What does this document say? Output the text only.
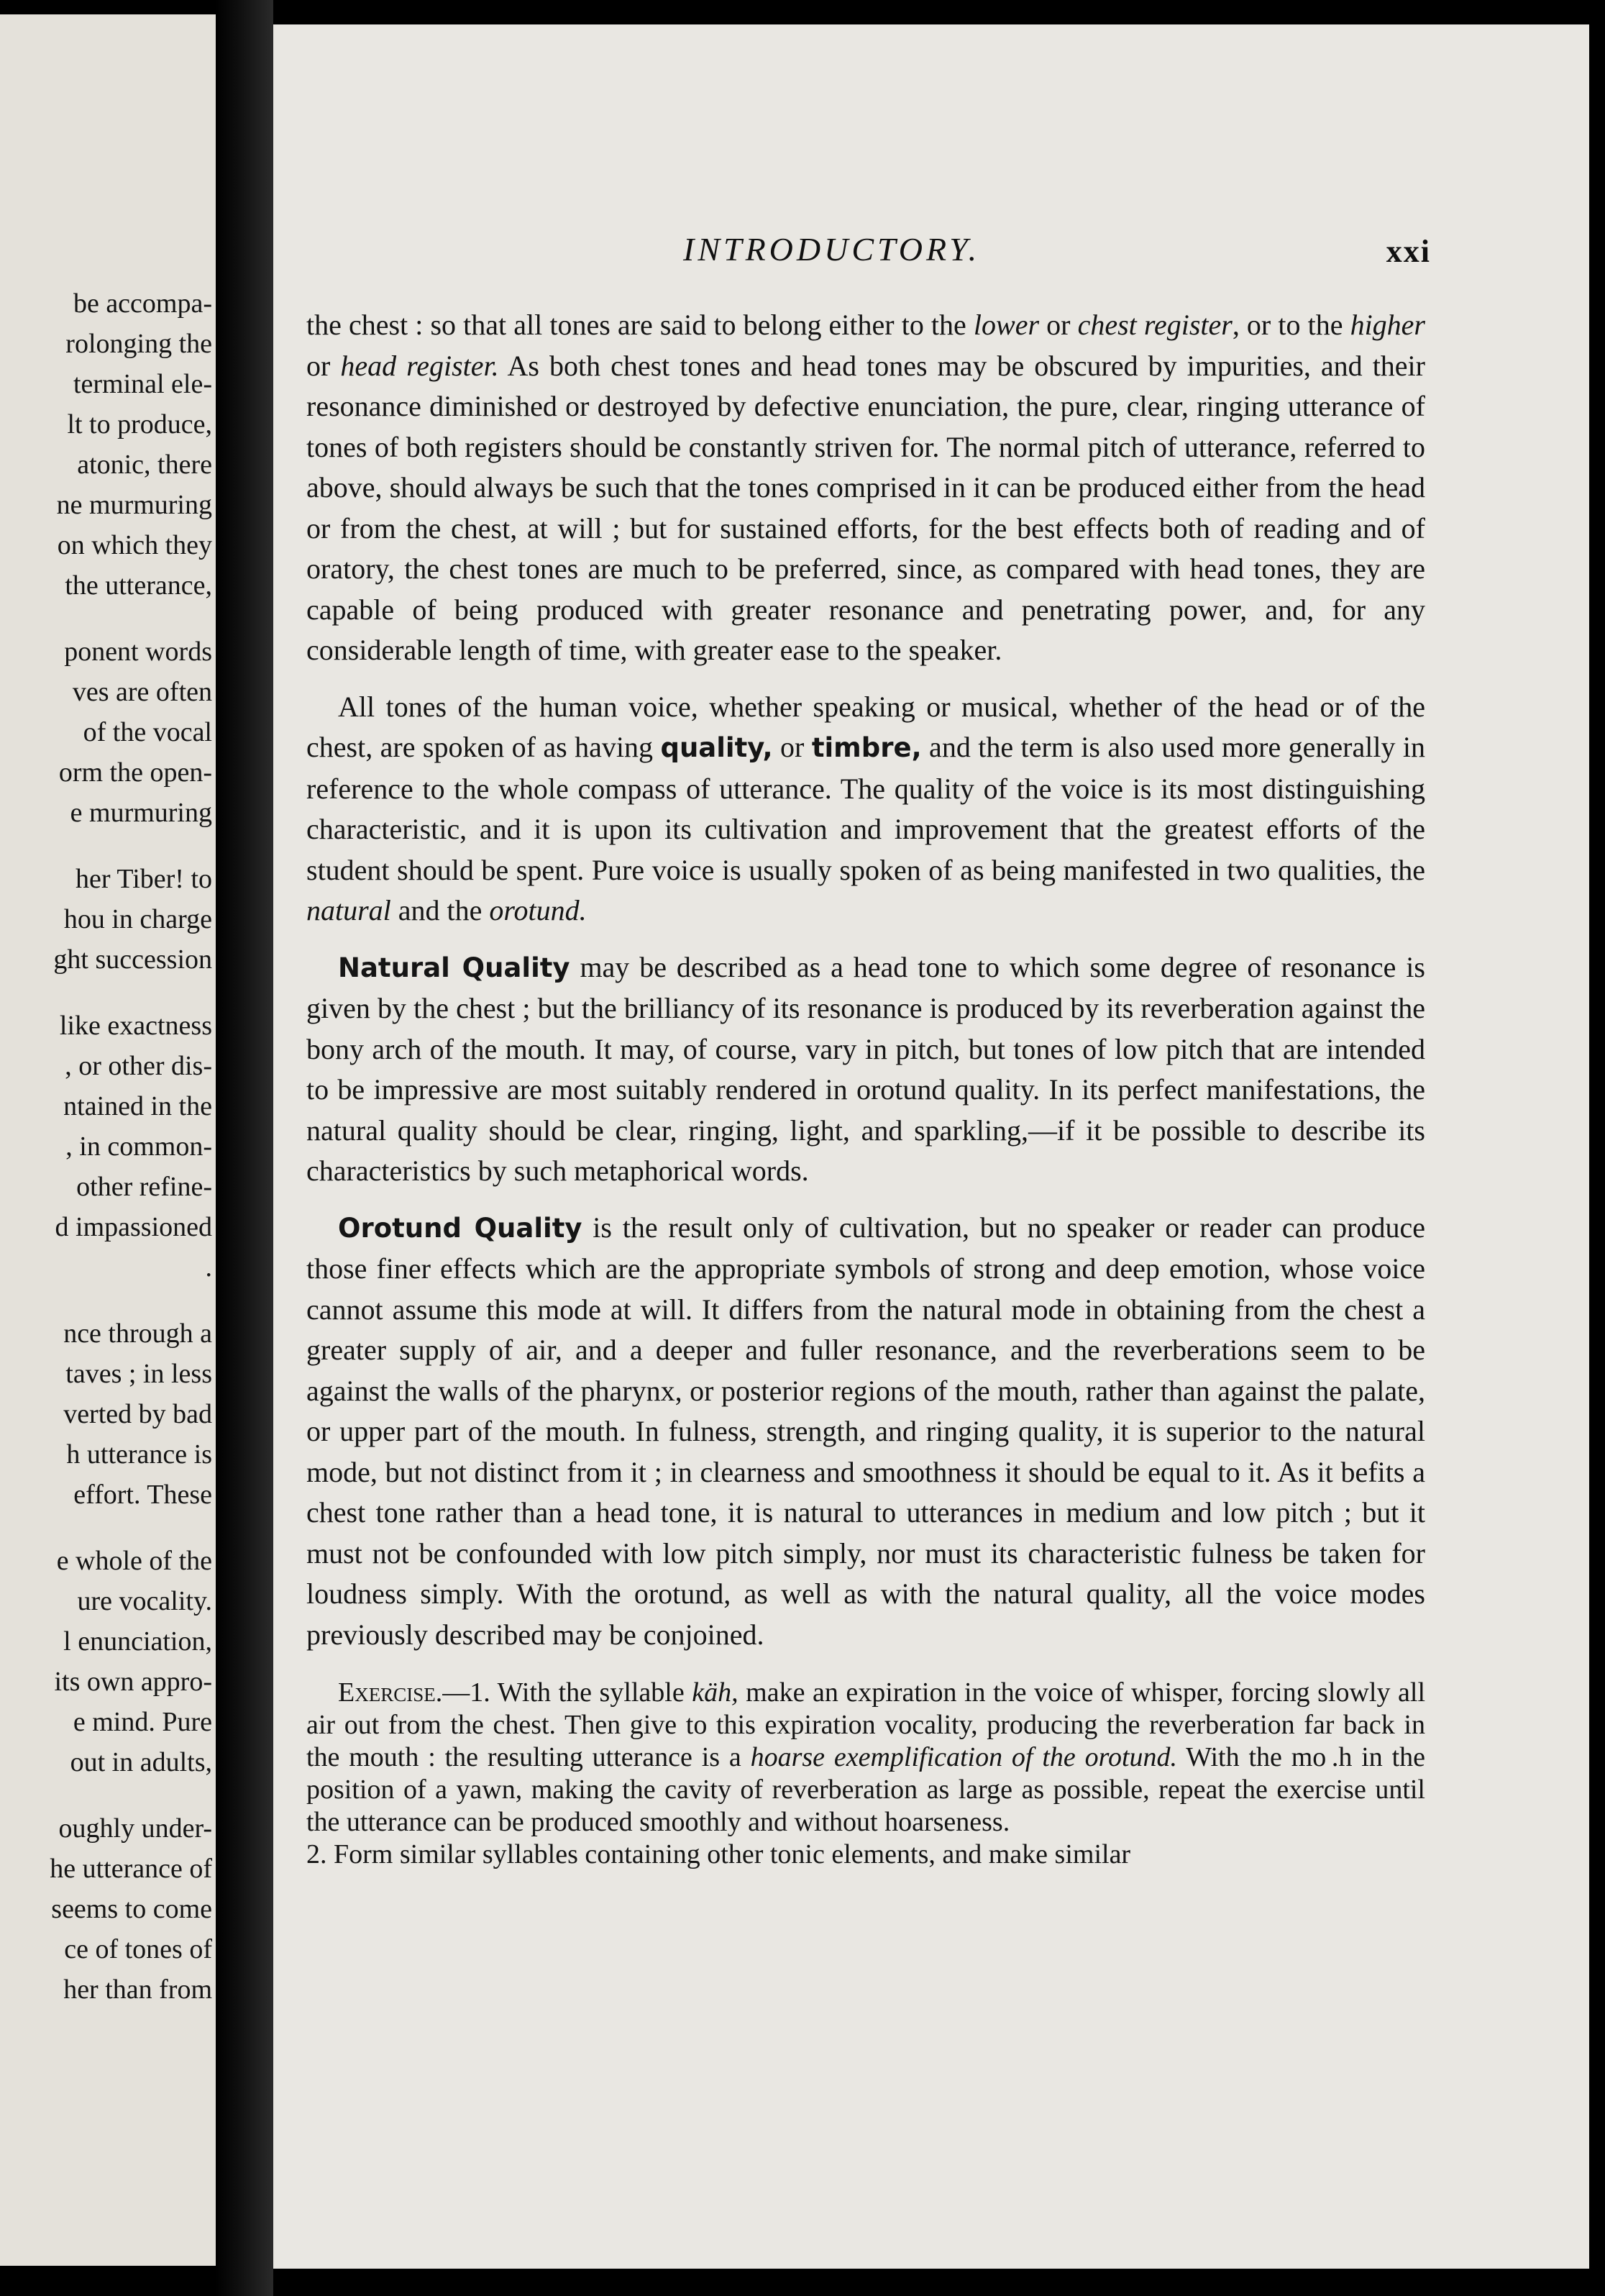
be accompa-
rolonging the
terminal ele-
lt to produce,
atonic, there
ne murmuring
on which they
the utterance,
ponent words
ves are often
of the vocal
orm the open-
e murmuring
her Tiber! to
hou in charge
ght succession
like exactness
, or other dis-
ntained in the
, in common-
other refine-
d impassioned
.
nce through a
taves ; in less
verted by bad
h utterance is
effort. These
e whole of the
ure vocality.
l enunciation,
its own appro-
e mind. Pure
out in adults,
oughly under-
he utterance of
seems to come
ce of tones of
her than from
INTRODUCTORY.	xxi

the chest : so that all tones are said to belong either to the lower or chest register, or to the higher or head register. As both chest tones and head tones may be obscured by impurities, and their resonance diminished or destroyed by defective enunciation, the pure, clear, ringing utterance of tones of both registers should be constantly striven for. The normal pitch of utterance, referred to above, should always be such that the tones comprised in it can be produced either from the head or from the chest, at will ; but for sustained efforts, for the best effects both of reading and of oratory, the chest tones are much to be preferred, since, as compared with head tones, they are capable of being produced with greater resonance and penetrating power, and, for any considerable length of time, with greater ease to the speaker.

All tones of the human voice, whether speaking or musical, whether of the head or of the chest, are spoken of as having quality, or timbre, and the term is also used more generally in reference to the whole compass of utterance. The quality of the voice is its most distinguishing characteristic, and it is upon its cultivation and improvement that the greatest efforts of the student should be spent. Pure voice is usually spoken of as being manifested in two qualities, the natural and the orotund.

Natural Quality may be described as a head tone to which some degree of resonance is given by the chest ; but the brilliancy of its resonance is produced by its reverberation against the bony arch of the mouth. It may, of course, vary in pitch, but tones of low pitch that are intended to be impressive are most suitably rendered in orotund quality. In its perfect manifestations, the natural quality should be clear, ringing, light, and sparkling,—if it be possible to describe its characteristics by such metaphorical words.

Orotund Quality is the result only of cultivation, but no speaker or reader can produce those finer effects which are the appropriate symbols of strong and deep emotion, whose voice cannot assume this mode at will. It differs from the natural mode in obtaining from the chest a greater supply of air, and a deeper and fuller resonance, and the reverberations seem to be against the walls of the pharynx, or posterior regions of the mouth, rather than against the palate, or upper part of the mouth. In fulness, strength, and ringing quality, it is superior to the natural mode, but not distinct from it ; in clearness and smoothness it should be equal to it. As it befits a chest tone rather than a head tone, it is natural to utterances in medium and low pitch ; but it must not be confounded with low pitch simply, nor must its characteristic fulness be taken for loudness simply. With the orotund, as well as with the natural quality, all the voice modes previously described may be conjoined.

Exercise.—1. With the syllable käh, make an expiration in the voice of whisper, forcing slowly all air out from the chest. Then give to this expiration vocality, producing the reverberation far back in the mouth : the resulting utterance is a hoarse exemplification of the orotund. With the mo .h in the position of a yawn, making the cavity of reverberation as large as possible, repeat the exercise until the utterance can be produced smoothly and without hoarseness.
2. Form similar syllables containing other tonic elements, and make similar
